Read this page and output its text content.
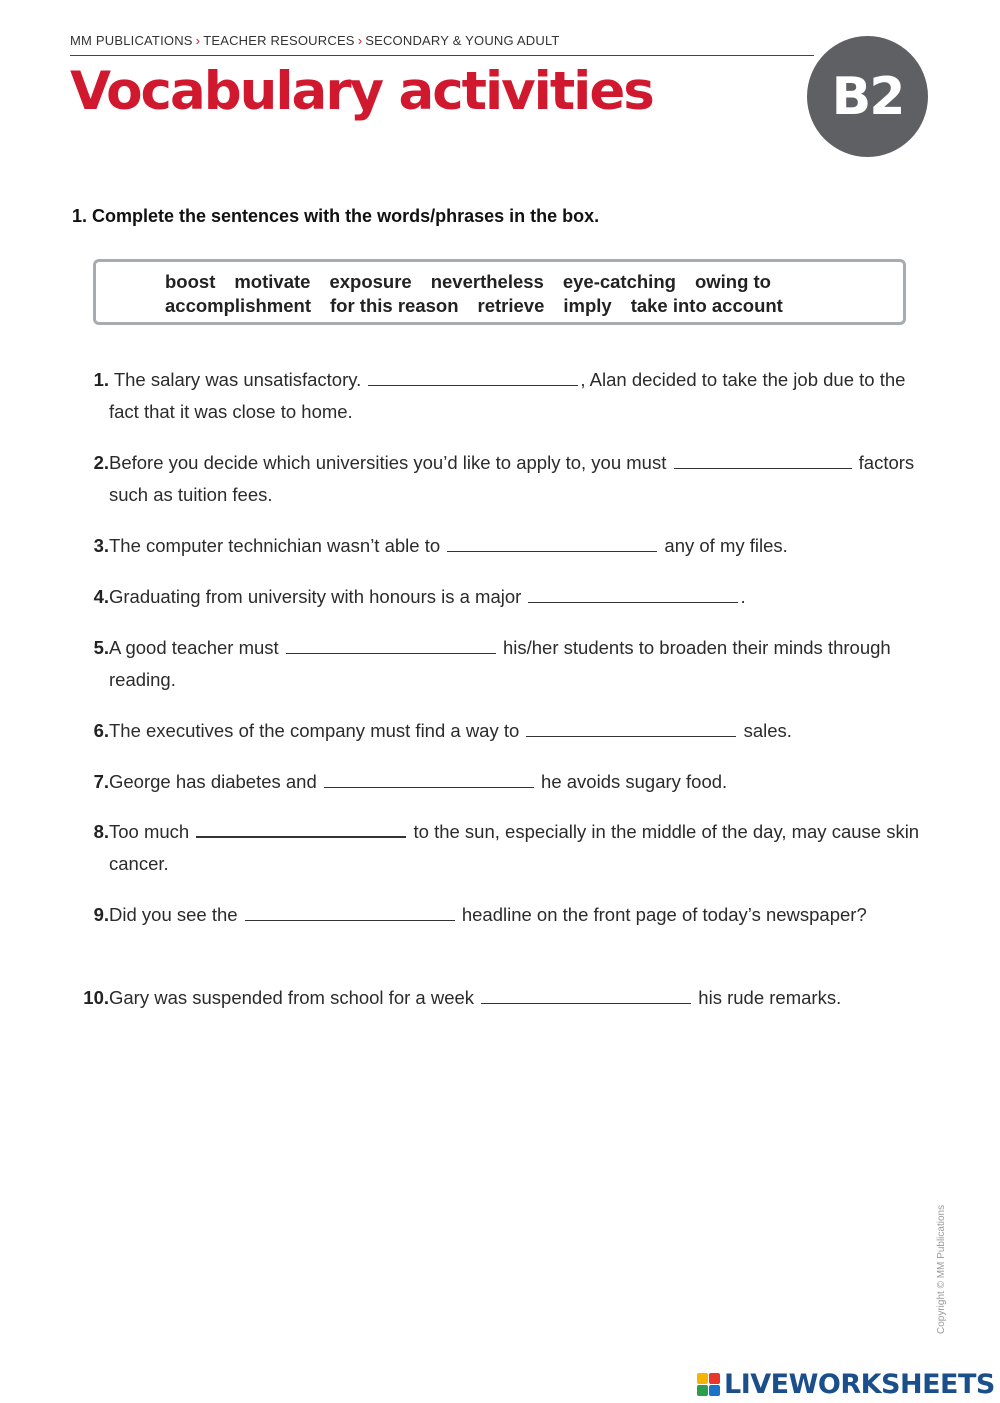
MM PUBLICATIONS › TEACHER RESOURCES › SECONDARY & YOUNG ADULT
Vocabulary activities	B2

1. Complete the sentences with the words/phrases in the box.

boost motivate exposure nevertheless eye-catching owing to
accomplishment for this reason retrieve imply take into account
1. The salary was unsatisfactory.	, Alan decided to take the job due to the fact that it was close to home.
2. Before you decide which universities you’d like to apply to, you must	factors such as tuition fees.
3. The computer technichian wasn’t able to	any of my files.
4. Graduating from university with honours is a major	.
5. A good teacher must	his/her students to broaden their minds through reading.
6. The executives of the company must find a way to	sales.
7. George has diabetes and	he avoids sugary food.
8. Too much	to the sun, especially in the middle of the day, may cause skin cancer.
9. Did you see the	headline on the front page of today’s newspaper?
10. Gary was suspended from school for a week	his rude remarks.
Copyright © MM Publications
LIVEWORKSHEETS
